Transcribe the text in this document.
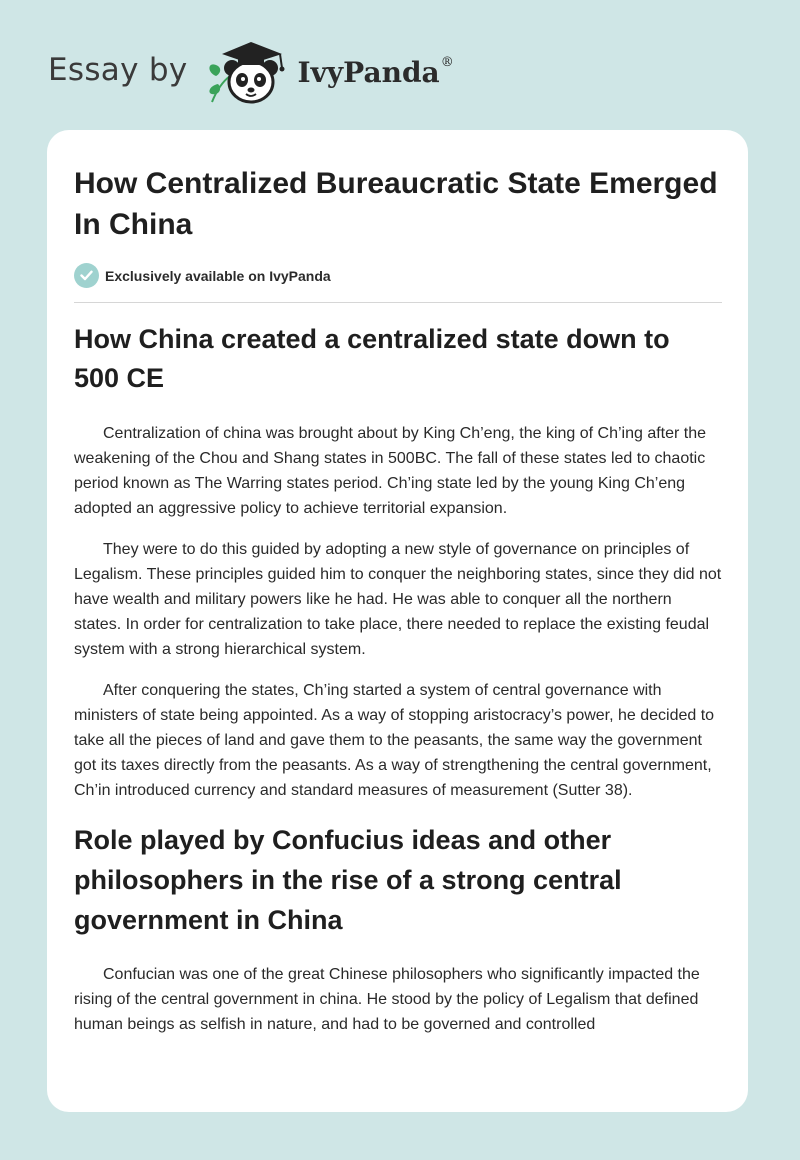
Essay by	IvyPanda®
How Centralized Bureaucratic State Emerged In China
Exclusively available on IvyPanda
How China created a centralized state down to 500 CE

Centralization of china was brought about by King Ch’eng, the king of Ch’ing after the weakening of the Chou and Shang states in 500BC. The fall of these states led to chaotic period known as The Warring states period. Ch’ing state led by the young King Ch’eng adopted an aggressive policy to achieve territorial expansion.

They were to do this guided by adopting a new style of governance on principles of Legalism. These principles guided him to conquer the neighboring states, since they did not have wealth and military powers like he had. He was able to conquer all the northern states. In order for centralization to take place, there needed to replace the existing feudal system with a strong hierarchical system.

After conquering the states, Ch’ing started a system of central governance with ministers of state being appointed. As a way of stopping aristocracy’s power, he decided to take all the pieces of land and gave them to the peasants, the same way the government got its taxes directly from the peasants. As a way of strengthening the central government, Ch’in introduced currency and standard measures of measurement (Sutter 38).

Role played by Confucius ideas and other philosophers in the rise of a strong central government in China

Confucian was one of the great Chinese philosophers who significantly impacted the rising of the central government in china. He stood by the policy of Legalism that defined human beings as selfish in nature, and had to be governed and controlled
